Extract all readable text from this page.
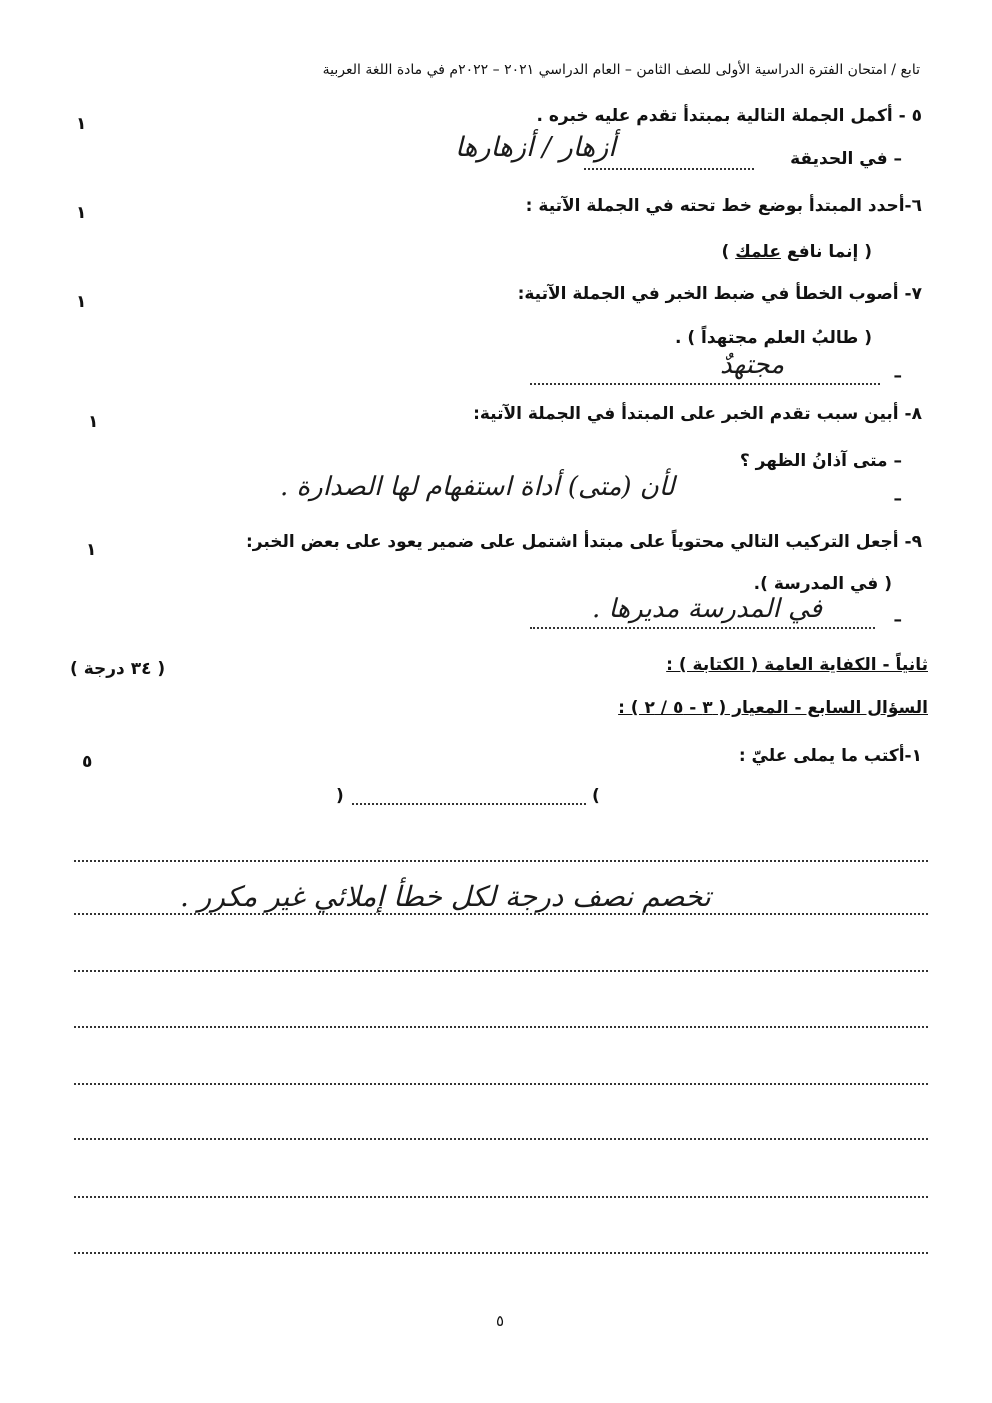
تابع / امتحان الفترة الدراسية الأولى للصف الثامن – العام الدراسي ٢٠٢١ – ٢٠٢٢م في مادة اللغة العربية
٥ - أكمل الجملة التالية بمبتدأ تقدم عليه خبره .
١
– في الحديقة
أزهار / أزهارها
٦-أحدد المبتدأ بوضع خط تحته في الجملة الآتية :
١
( إنما نافع علمك )
٧- أصوب الخطأ في ضبط الخبر في الجملة الآتية:
١
( طالبُ العلم مجتهداً ) .
–
مجتهدٌ
٨- أبين سبب تقدم الخبر على المبتدأ في الجملة الآتية:
١
– متى آذانُ الظهر ؟
–
لأن (متى) أداة استفهام لها الصدارة .
٩- أجعل التركيب التالي محتوياً على مبتدأ اشتمل على ضمير يعود على بعض الخبر:
١
( في المدرسة ).
–
في المدرسة مديرها .
ثانياً - الكفاية العامة ( الكتابة ) :
( ٣٤ درجة )
السؤال السابع - المعيار ( ٣ - ٥ / ٢ ) :
١-أكتب ما يملى عليّ :
٥
(
)
تخصم نصف درجة لكل خطأ إملائي غير مكرر .
٥
